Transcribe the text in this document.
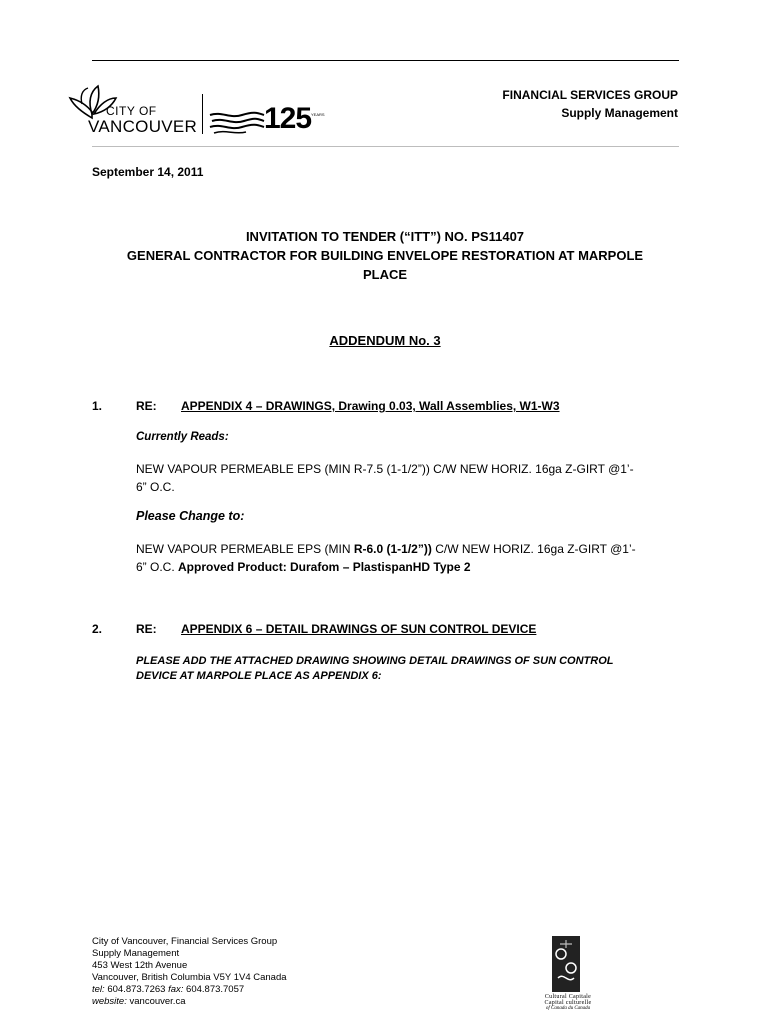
CITY OF
VANCOUVER 125 YEARS
FINANCIAL SERVICES GROUP
Supply Management
September 14, 2011
INVITATION TO TENDER (“ITT”) NO. PS11407
GENERAL CONTRACTOR FOR BUILDING ENVELOPE RESTORATION AT MARPOLE
PLACE
ADDENDUM No. 3
1.	RE: APPENDIX 4 – DRAWINGS, Drawing 0.03, Wall Assemblies, W1-W3
Currently Reads:
NEW VAPOUR PERMEABLE EPS (MIN R-7.5 (1-1/2”)) C/W NEW HORIZ. 16ga Z-GIRT @1’-
6” O.C.
Please Change to:
NEW VAPOUR PERMEABLE EPS (MIN R-6.0 (1-1/2”)) C/W NEW HORIZ. 16ga Z-GIRT @1’-
6” O.C. Approved Product: Durafom – PlastispanHD Type 2
2.	RE: APPENDIX 6 – DETAIL DRAWINGS OF SUN CONTROL DEVICE
PLEASE ADD THE ATTACHED DRAWING SHOWING DETAIL DRAWINGS OF SUN CONTROL
DEVICE AT MARPOLE PLACE AS APPENDIX 6:
City of Vancouver, Financial Services Group
Supply Management
453 West 12th Avenue
Vancouver, British Columbia V5Y 1V4 Canada
tel: 604.873.7263 fax: 604.873.7057
website: vancouver.ca	Cultural Capitale
Capital culturelle
of Canada du Canada
